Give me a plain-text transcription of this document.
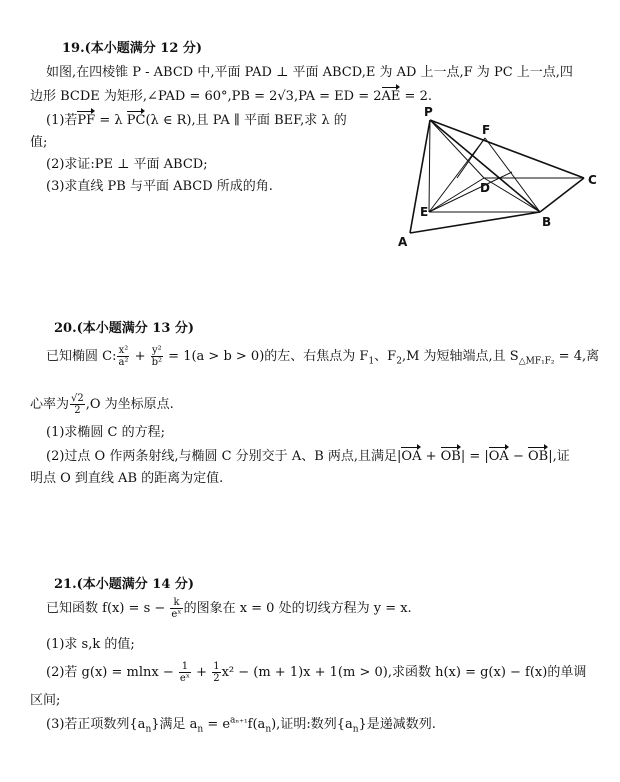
19.(本小题满分 12 分)
如图,在四棱锥 P - ABCD 中,平面 PAD ⊥ 平面 ABCD,E 为 AD 上一点,F 为 PC 上一点,四
边形 BCDE 为矩形,∠PAD = 60°,PB = 2√3,PA = ED = 2AE = 2.
(1)若PF = λ PC(λ ∈ R),且 PA ∥ 平面 BEF,求 λ 的
值;
(2)求证:PE ⊥ 平面 ABCD;
(3)求直线 PB 与平面 ABCD 所成的角.
P
F
D
C
E
B
A
20.(本小题满分 13 分)
已知椭圆 C: $\frac{\text{x²}}{\text{a²}} + \frac{\text{y²}}{\text{b²}} = 1(a > b > 0)$的左、右焦点为 $F_1$、$F_2,M$ 为短轴端点,且 $S_{\triangle MF_1F_2} = 4$,离
心率为 $\frac{√2}{2} ,O$ 为坐标原点.
(1)求椭圆 C 的方程;
(2)过点 O 作两条射线,与椭圆 C 分别交于 A、B 两点,且满足|OA + OB| = |OA − OB|,证
明点 O 到直线 AB 的距离为定值.
21.(本小题满分 14 分)
已知函数 $f(x) = s - \frac{k}{\text{eˣ}}$ 的图象在 x = 0 处的切线方程为 y = x.
(1)求 s,k 的值;
(2)若 $g(x) = mlnx - \frac{1}{\text{eˣ}} + \frac{1}{2} x^2 - (m + 1)x + 1(m > 0)$,求函数 h(x) = g(x) − f(x)的单调
区间;
(3)若正项数列$\{a_n\}$满足 $a_n = e^{a_{n+1}}f(a_n)$,证明:数列$\{a_n\}$是递减数列.
